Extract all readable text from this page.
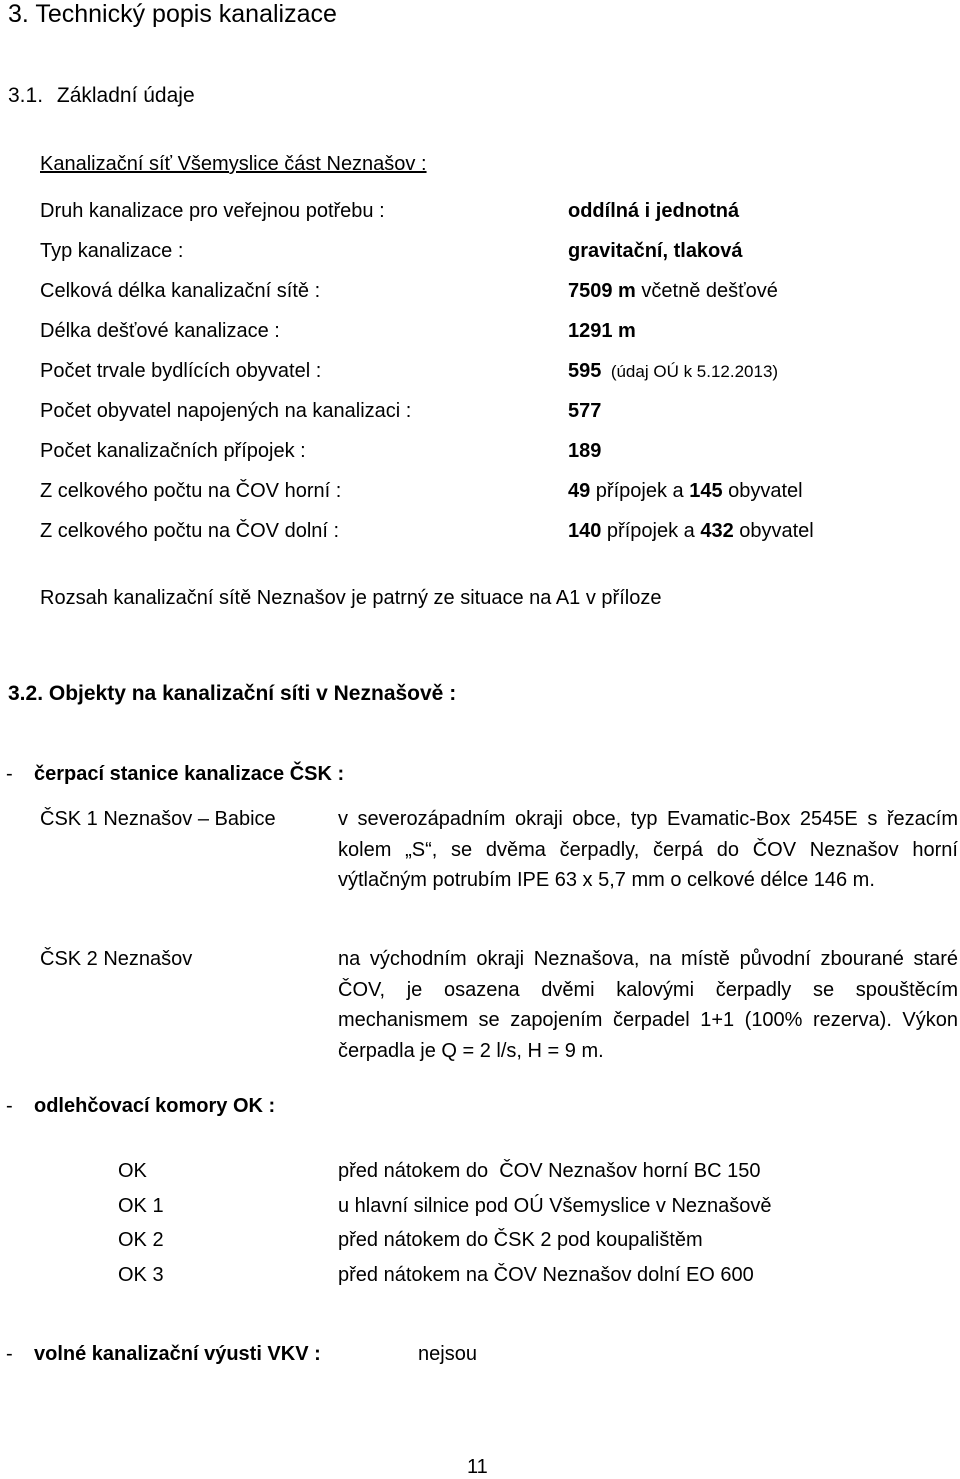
3. Technický popis kanalizace
3.1. Základní údaje
Kanalizační síť Všemyslice část Neznašov :
Druh kanalizace pro veřejnou potřebu :	oddílná i jednotná
Typ kanalizace :	gravitační, tlaková
Celková délka kanalizační sítě :	7509 m včetně dešťové
Délka dešťové kanalizace :	1291 m
Počet trvale bydlících obyvatel :	595  (údaj OÚ k 5.12.2013)
Počet obyvatel napojených na kanalizaci :	577
Počet kanalizačních přípojek :	189
Z celkového počtu na ČOV horní :	49 přípojek a 145 obyvatel
Z celkového počtu na ČOV dolní :	140 přípojek a 432 obyvatel
Rozsah kanalizační sítě Neznašov je patrný ze situace na A1 v příloze
3.2. Objekty na kanalizační síti v Neznašově :
- čerpací stanice kanalizace ČSK :
ČSK 1 Neznašov – Babice	v severozápadním okraji obce, typ Evamatic-Box 2545E s řezacím kolem „S“, se dvěma čerpadly, čerpá do ČOV Neznašov horní výtlačným potrubím IPE 63 x 5,7 mm o celkové délce 146 m.
ČSK 2 Neznašov	na východním okraji Neznašova, na místě původní zbourané staré ČOV, je osazena dvěmi kalovými čerpadly se spouštěcím mechanismem se zapojením čerpadel 1+1 (100% rezerva). Výkon čerpadla je Q = 2 l/s, H = 9 m.
- odlehčovací komory OK :
OK	před nátokem do  ČOV Neznašov horní BC 150
OK 1	u hlavní silnice pod OÚ Všemyslice v Neznašově
OK 2	před nátokem do ČSK 2 pod koupalištěm
OK 3	před nátokem na ČOV Neznašov dolní EO 600
- volné kanalizační výusti VKV :	nejsou
11
